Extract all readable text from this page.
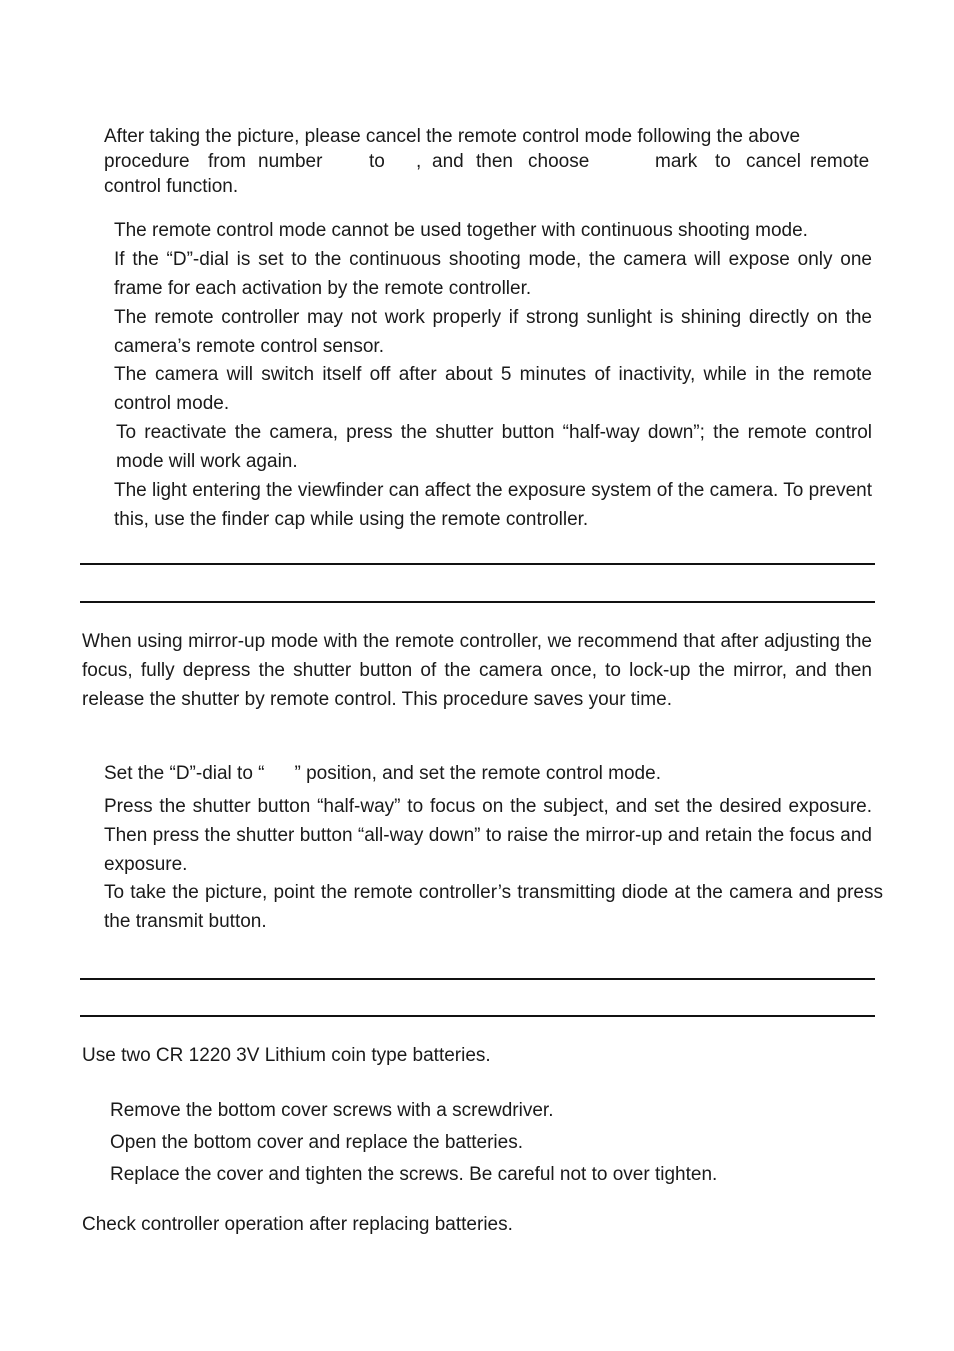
After taking the picture, please cancel the remote control mode following the above
procedure from number to , and then choose	mark to cancel remote
control function.
The remote control mode cannot be used together with continuous shooting mode.
If the “D”-dial is set to the continuous shooting mode, the camera will expose only one frame for each activation by the remote controller.
The remote controller may not work properly if strong sunlight is shining directly on the camera’s remote control sensor.
The camera will switch itself off after about 5 minutes of inactivity, while in the remote control mode.
To reactivate the camera, press the shutter button “half-way down”; the remote control mode will work again.
The light entering the viewfinder can affect the exposure system of the camera. To prevent this, use the finder cap while using the remote controller.
When using mirror-up mode with the remote controller, we recommend that after adjusting the focus, fully depress the shutter button of the camera once, to lock-up the mirror, and then release the shutter by remote control. This procedure saves your time.
Set the “D”-dial to “ ” position, and set the remote control mode.
Press the shutter button “half-way” to focus on the subject, and set the desired exposure. Then press the shutter button “all-way down” to raise the mirror-up and retain the focus and exposure.
To take the picture, point the remote controller’s transmitting diode at the camera and press the transmit button.
Use two CR 1220 3V Lithium coin type batteries.
Remove the bottom cover screws with a screwdriver.
Open the bottom cover and replace the batteries.
Replace the cover and tighten the screws. Be careful not to over tighten.
Check controller operation after replacing batteries.
